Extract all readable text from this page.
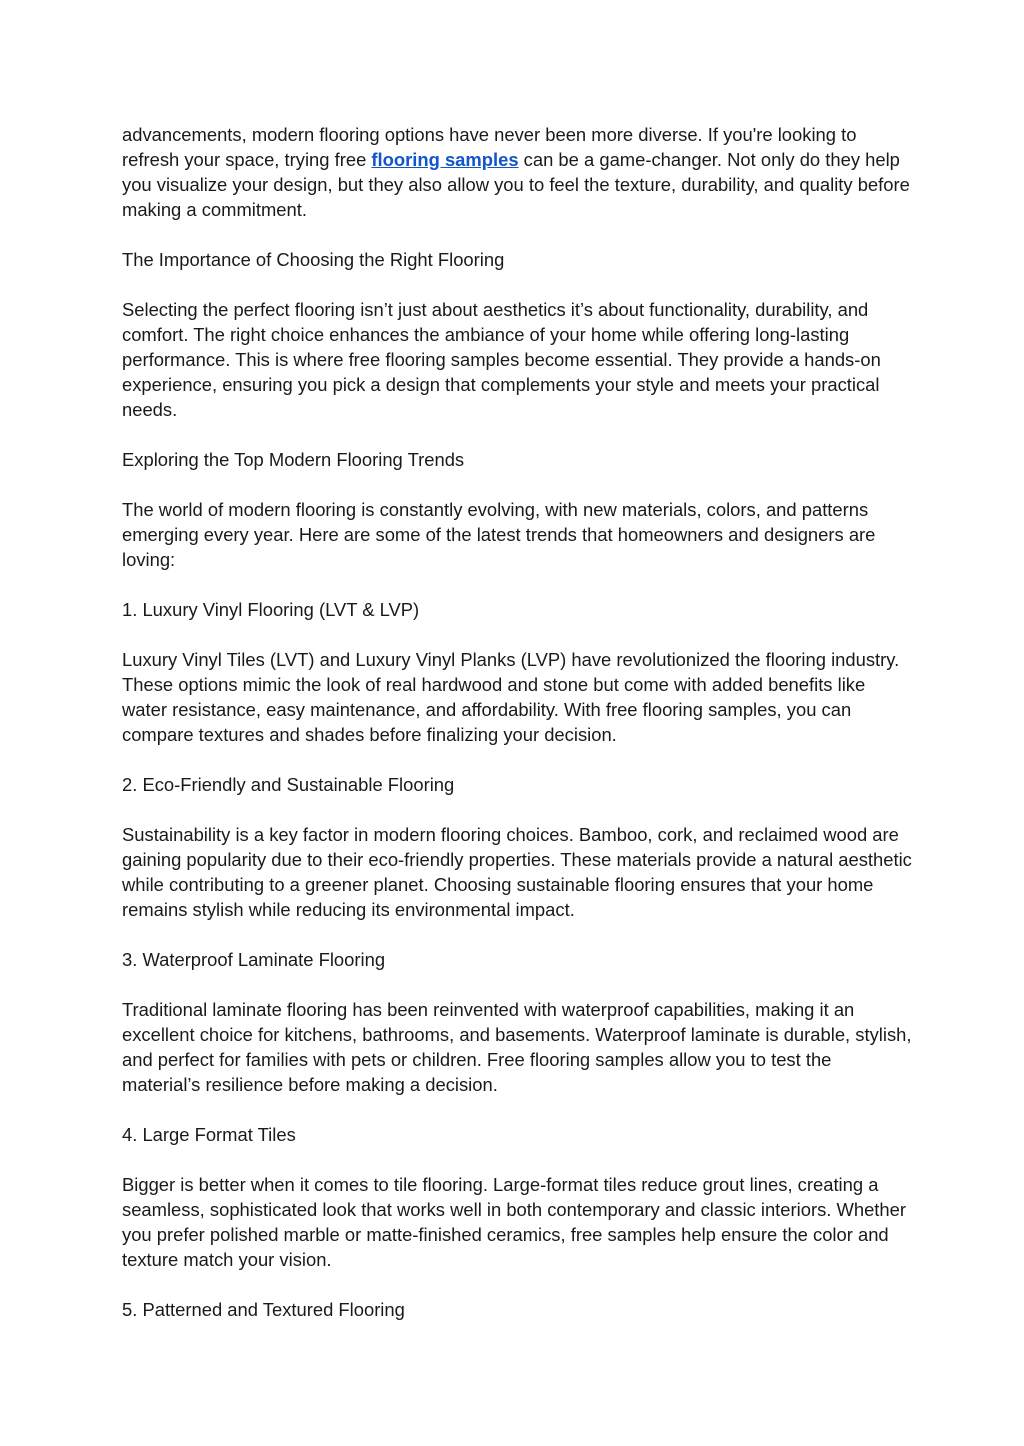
advancements, modern flooring options have never been more diverse. If you're looking to refresh your space, trying free flooring samples can be a game-changer. Not only do they help you visualize your design, but they also allow you to feel the texture, durability, and quality before making a commitment.

The Importance of Choosing the Right Flooring

Selecting the perfect flooring isn’t just about aesthetics it’s about functionality, durability, and comfort. The right choice enhances the ambiance of your home while offering long-lasting performance. This is where free flooring samples become essential. They provide a hands-on experience, ensuring you pick a design that complements your style and meets your practical needs.

Exploring the Top Modern Flooring Trends

The world of modern flooring is constantly evolving, with new materials, colors, and patterns emerging every year. Here are some of the latest trends that homeowners and designers are loving:

1. Luxury Vinyl Flooring (LVT & LVP)

Luxury Vinyl Tiles (LVT) and Luxury Vinyl Planks (LVP) have revolutionized the flooring industry. These options mimic the look of real hardwood and stone but come with added benefits like water resistance, easy maintenance, and affordability. With free flooring samples, you can compare textures and shades before finalizing your decision.

2. Eco-Friendly and Sustainable Flooring

Sustainability is a key factor in modern flooring choices. Bamboo, cork, and reclaimed wood are gaining popularity due to their eco-friendly properties. These materials provide a natural aesthetic while contributing to a greener planet. Choosing sustainable flooring ensures that your home remains stylish while reducing its environmental impact.

3. Waterproof Laminate Flooring

Traditional laminate flooring has been reinvented with waterproof capabilities, making it an excellent choice for kitchens, bathrooms, and basements. Waterproof laminate is durable, stylish, and perfect for families with pets or children. Free flooring samples allow you to test the material’s resilience before making a decision.

4. Large Format Tiles

Bigger is better when it comes to tile flooring. Large-format tiles reduce grout lines, creating a seamless, sophisticated look that works well in both contemporary and classic interiors. Whether you prefer polished marble or matte-finished ceramics, free samples help ensure the color and texture match your vision.

5. Patterned and Textured Flooring
